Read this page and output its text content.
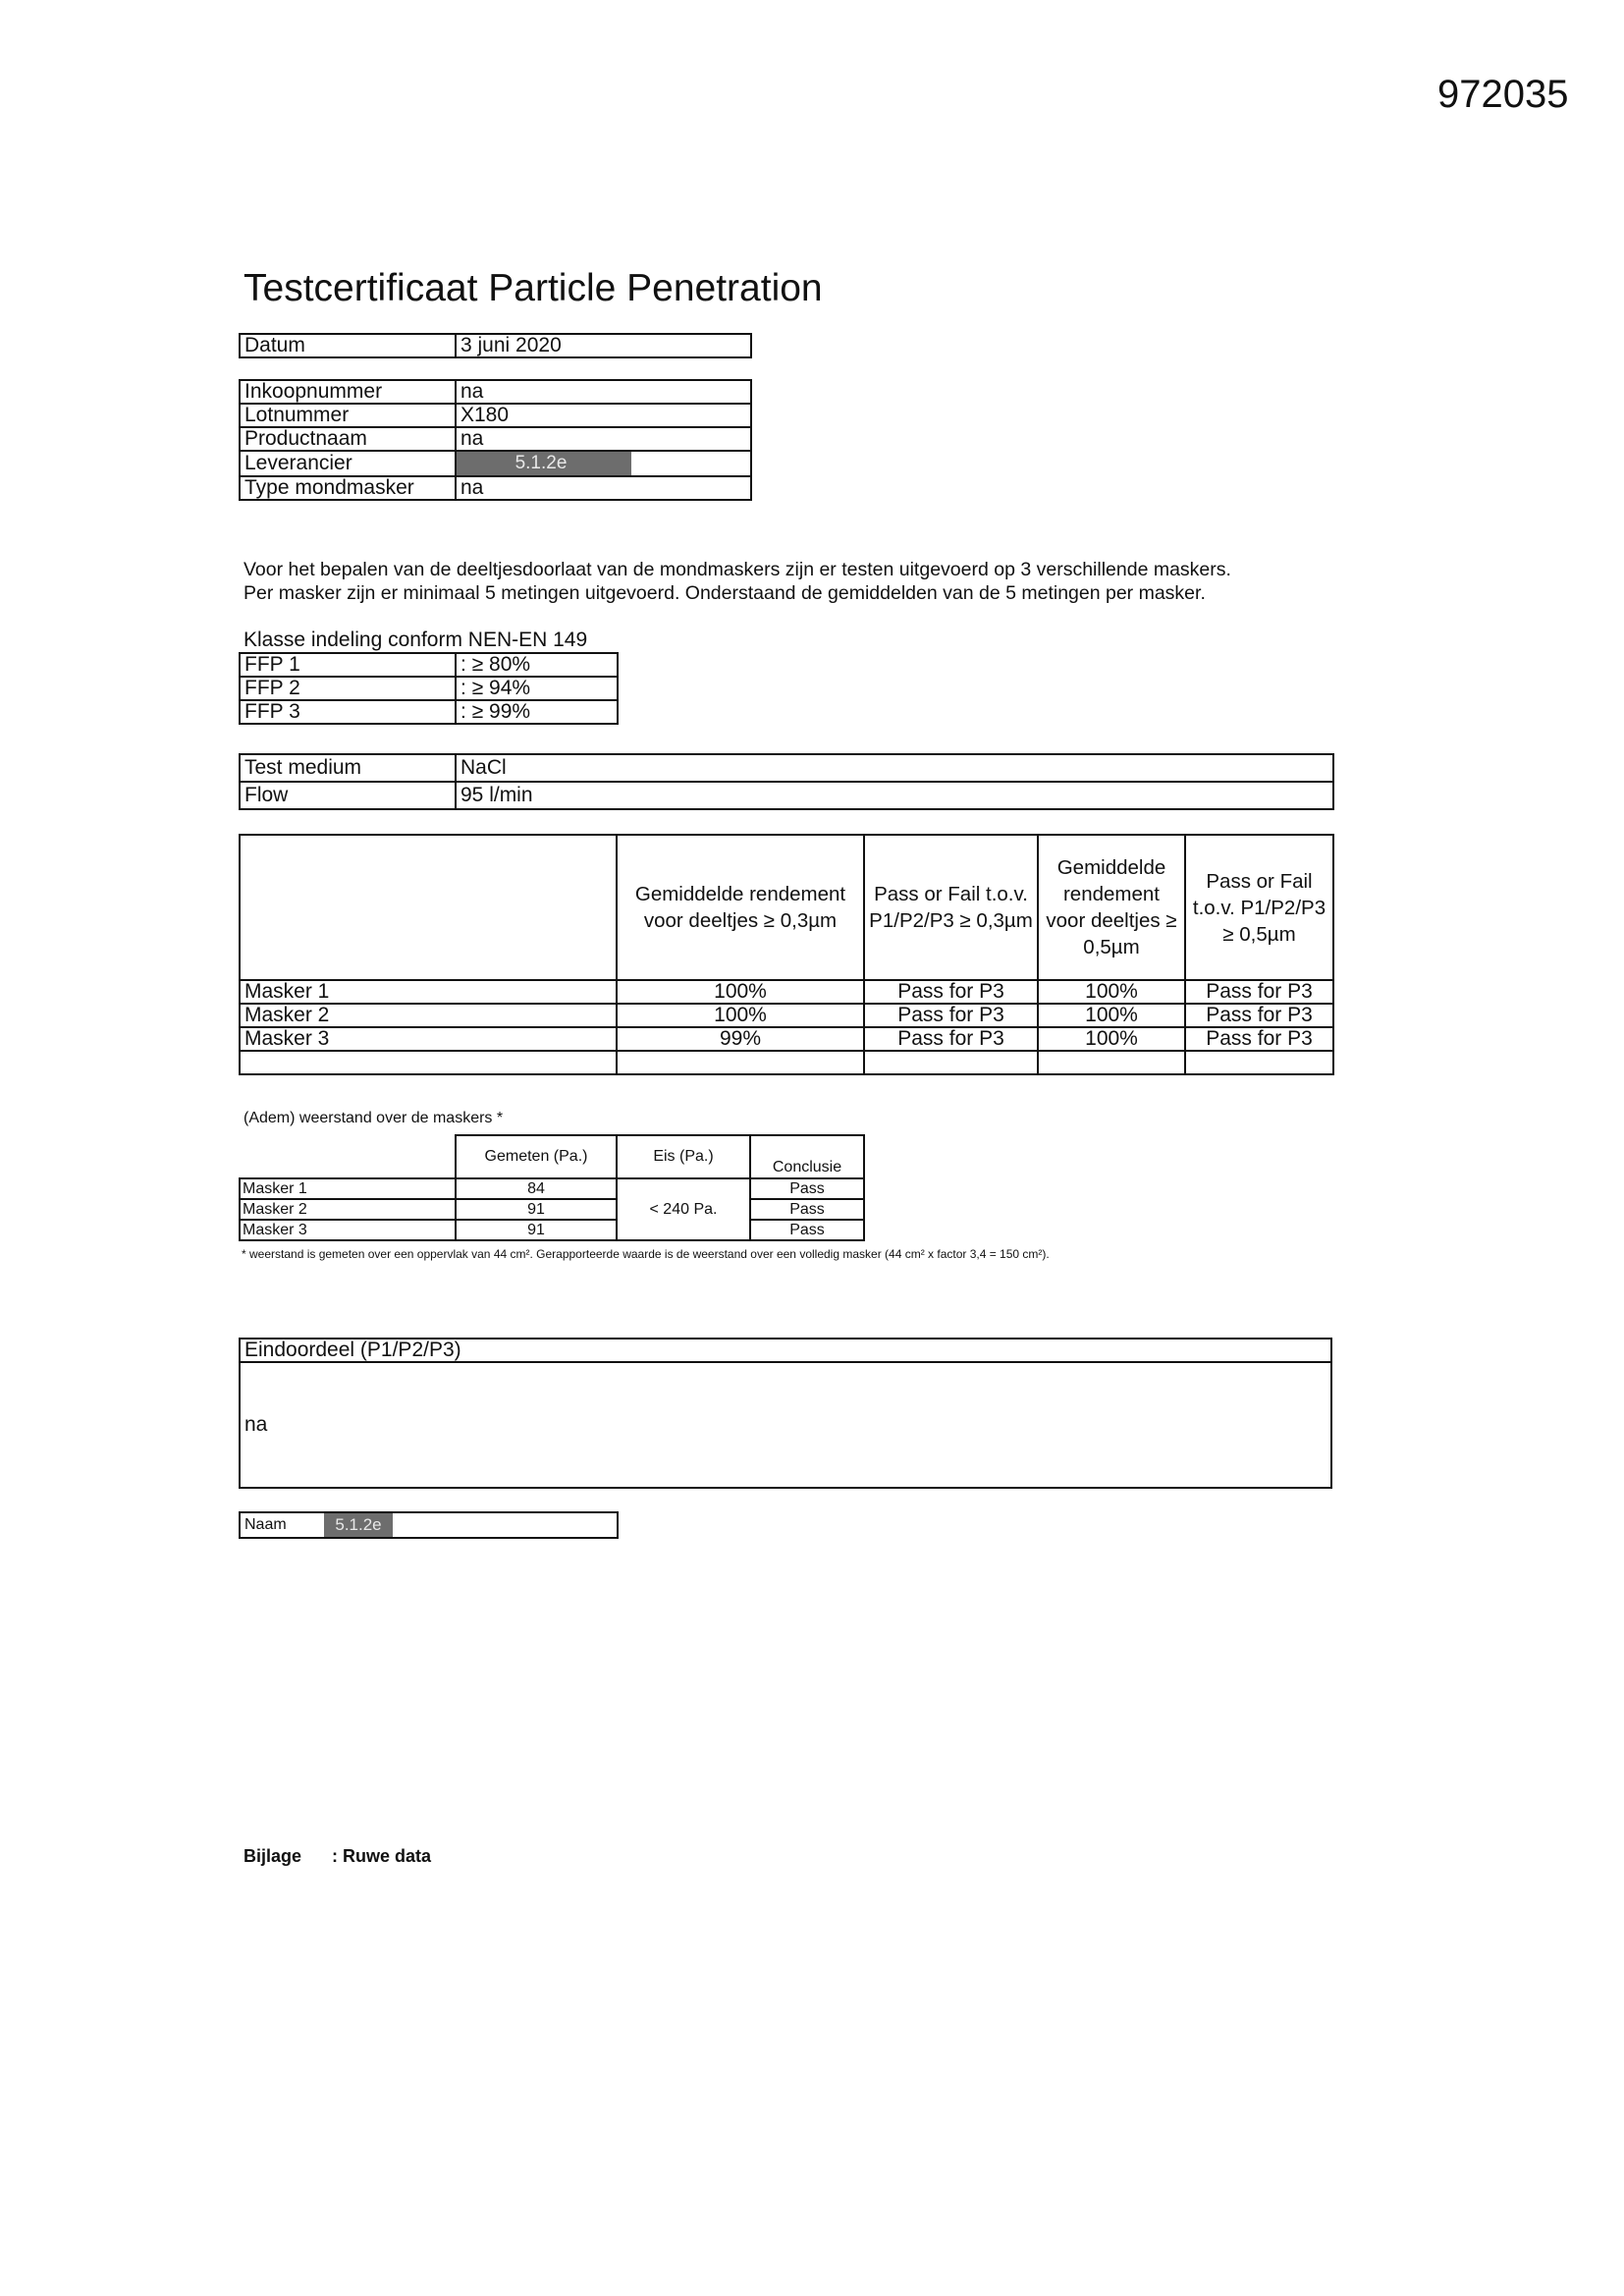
972035
Testcertificaat Particle Penetration
Datum	3 juni 2020
Inkoopnummer	na
Lotnummer	X180
Productnaam	na
Leverancier	5.1.2e
Type mondmasker	na
Voor het bepalen van de deeltjesdoorlaat van de mondmaskers zijn er testen uitgevoerd op 3 verschillende maskers.
Per masker zijn er minimaal 5 metingen uitgevoerd. Onderstaand de gemiddelden van de 5 metingen per masker.
Klasse indeling conform NEN-EN 149
FFP 1	: ≥ 80%
FFP 2	: ≥ 94%
FFP 3	: ≥ 99%
Test medium	NaCl
Flow	95 l/min
	Gemiddelde rendement voor deeltjes ≥ 0,3µm	Pass or Fail t.o.v. P1/P2/P3 ≥ 0,3µm	Gemiddelde rendement voor deeltjes ≥ 0,5µm	Pass or Fail t.o.v. P1/P2/P3 ≥ 0,5µm
Masker 1	100%	Pass for P3	100%	Pass for P3
Masker 2	100%	Pass for P3	100%	Pass for P3
Masker 3	99%	Pass for P3	100%	Pass for P3

(Adem) weerstand over de maskers *
	Gemeten (Pa.)	Eis (Pa.)	Conclusie
Masker 1	84	< 240 Pa.	Pass
Masker 2	91		Pass
Masker 3	91		Pass
* weerstand is gemeten over een oppervlak van 44 cm². Gerapporteerde waarde is de weerstand over een volledig masker (44 cm² x factor 3,4 = 150 cm²).
Eindoordeel (P1/P2/P3)
na
Naam	5.1.2e
Bijlage : Ruwe data
